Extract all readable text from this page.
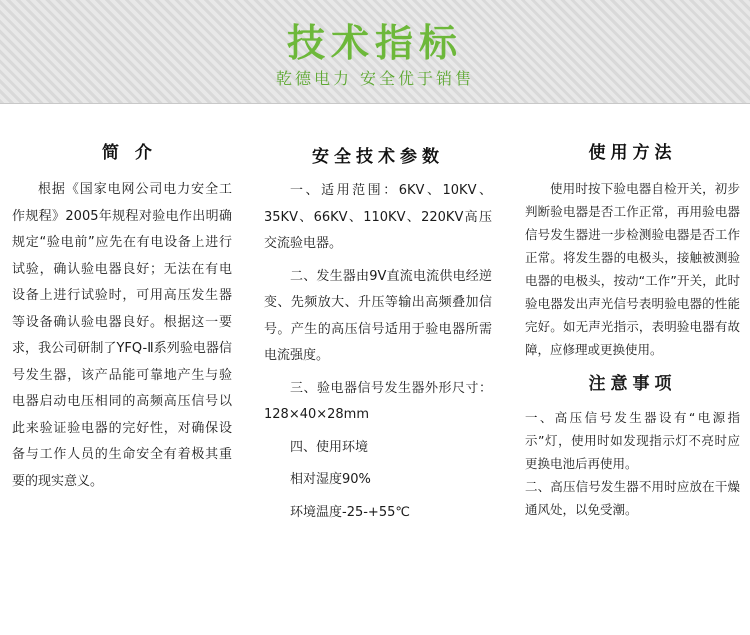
技术指标
乾德电力 安全优于销售
简 介

根据《国家电网公司电力安全工作规程》2005年规程对验电作出明确规定“验电前”应先在有电设备上进行试验，确认验电器良好；无法在有电设备上进行试验时，可用高压发生器等设备确认验电器良好。根据这一要求，我公司研制了YFQ-Ⅱ系列验电器信号发生器，该产品能可靠地产生与验电器启动电压相同的高频高压信号以此来验证验电器的完好性，对确保设备与工作人员的生命安全有着极其重要的现实意义。

安全技术参数

一、适用范围：6KV、10KV、35KV、66KV、110KV、220KV高压交流验电器。

二、发生器由9V直流电流供电经逆变、先频放大、升压等输出高频叠加信号。产生的高压信号适用于验电器所需电流强度。

三、验电器信号发生器外形尺寸：128×40×28mm

四、使用环境

相对湿度90%

环境温度-25-+55℃

使用方法

使用时按下验电器自检开关，初步判断验电器是否工作正常，再用验电器信号发生器进一步检测验电器是否工作正常。将发生器的电极头，接触被测验电器的电极头，按动“工作”开关，此时验电器发出声光信号表明验电器的性能完好。如无声光指示，表明验电器有故障，应修理或更换使用。

注意事项

一、高压信号发生器设有“电源指示”灯，使用时如发现指示灯不亮时应更换电池后再使用。

二、高压信号发生器不用时应放在干燥通风处，以免受潮。
